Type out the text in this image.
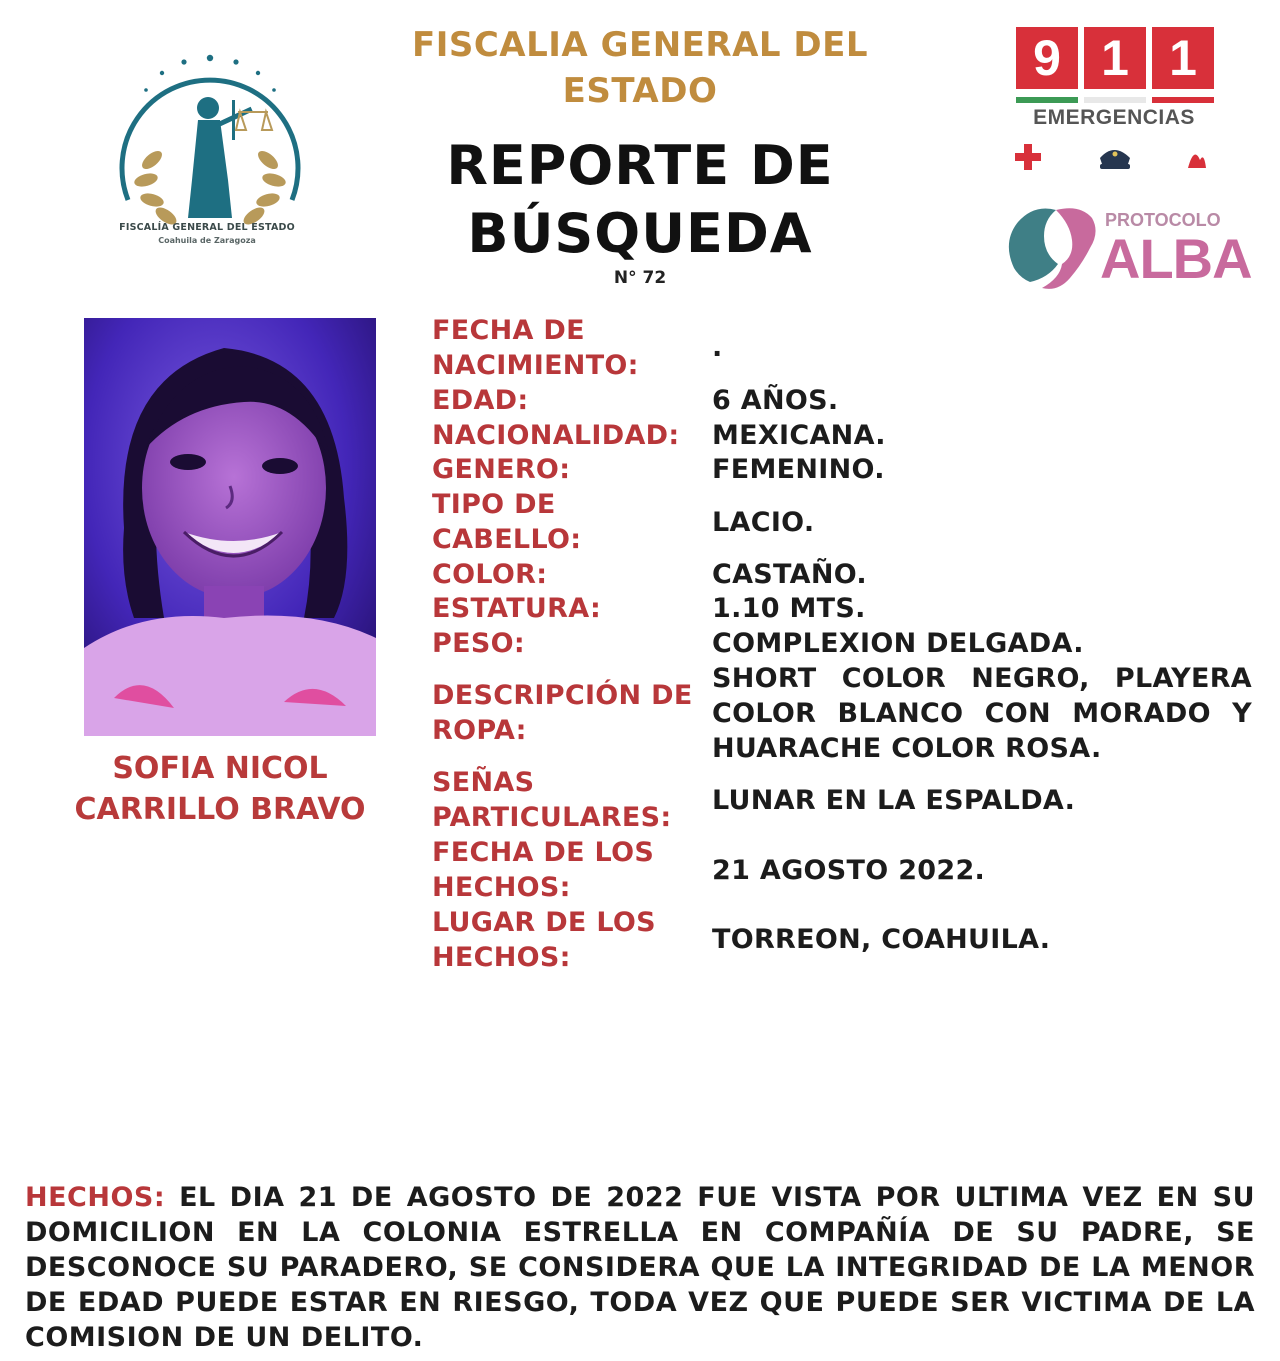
FISCALÍA GENERAL DEL ESTADO
Coahuila de Zaragoza
FISCALIA GENERAL DEL
ESTADO
REPORTE DE
BÚSQUEDA
N° 72
9 1 1
EMERGENCIAS
PROTOCOLO
ALBA
SOFIA NICOL
CARRILLO BRAVO
FECHA DE
NACIMIENTO:
.
EDAD:	6 AÑOS.
NACIONALIDAD:	MEXICANA.
GENERO:	FEMENINO.
TIPO DE
CABELLO:
LACIO.
COLOR:	CASTAÑO.
ESTATURA:	1.10 MTS.
PESO:	COMPLEXION DELGADA.
DESCRIPCIÓN DE
ROPA:
SHORT COLOR NEGRO, PLAYERA COLOR BLANCO CON MORADO Y HUARACHE COLOR ROSA.
SEÑAS
PARTICULARES:
LUNAR EN LA ESPALDA.
FECHA DE LOS
HECHOS:
21 AGOSTO 2022.
LUGAR DE LOS
HECHOS:
TORREON, COAHUILA.
HECHOS: EL DIA 21 DE AGOSTO DE 2022 FUE VISTA POR ULTIMA VEZ EN SU DOMICILION EN LA COLONIA ESTRELLA EN COMPAÑÍA DE SU PADRE, SE DESCONOCE SU PARADERO, SE CONSIDERA QUE LA INTEGRIDAD DE LA MENOR DE EDAD PUEDE ESTAR EN RIESGO, TODA VEZ QUE PUEDE SER VICTIMA DE LA COMISION DE UN DELITO.
